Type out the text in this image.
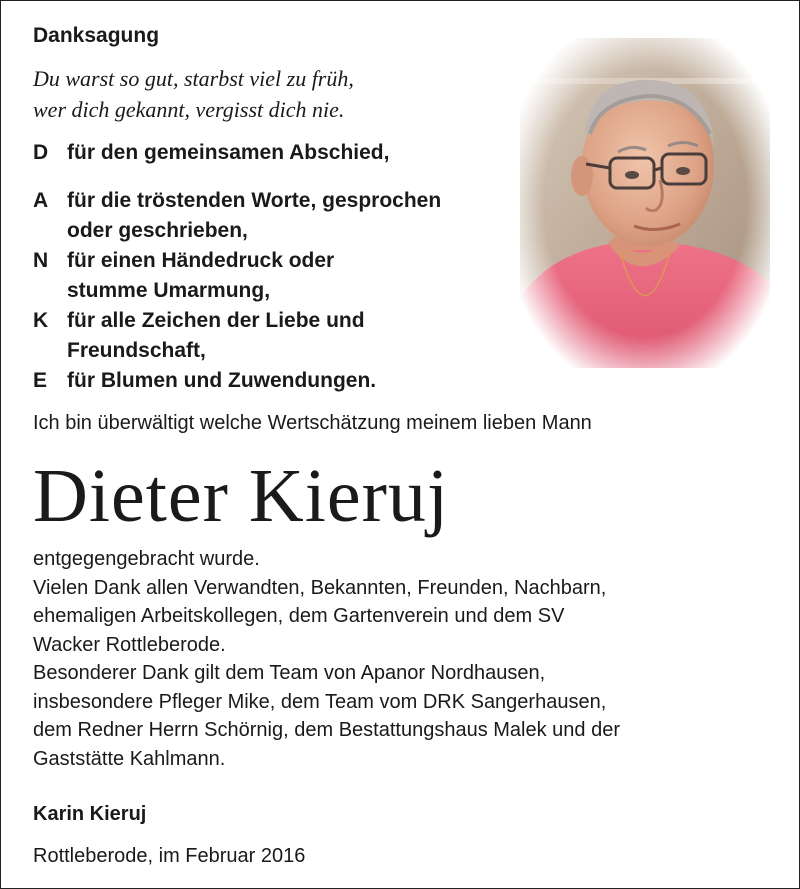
Danksagung
Du warst so gut, starbst viel zu früh,
wer dich gekannt, vergisst dich nie.
D für den gemeinsamen Abschied,
A für die tröstenden Worte, gesprochen
oder geschrieben,
N für einen Händedruck oder
stumme Umarmung,
K für alle Zeichen der Liebe und
Freundschaft,
E für Blumen und Zuwendungen.
Ich bin überwältigt welche Wertschätzung meinem lieben Mann
Dieter Kieruj
entgegengebracht wurde.
Vielen Dank allen Verwandten, Bekannten, Freunden, Nachbarn,
ehemaligen Arbeitskollegen, dem Gartenverein und dem SV
Wacker Rottleberode.
Besonderer Dank gilt dem Team von Apanor Nordhausen,
insbesondere Pfleger Mike, dem Team vom DRK Sangerhausen,
dem Redner Herrn Schörnig, dem Bestattungshaus Malek und der
Gaststätte Kahlmann.
Karin Kieruj
Rottleberode, im Februar 2016
